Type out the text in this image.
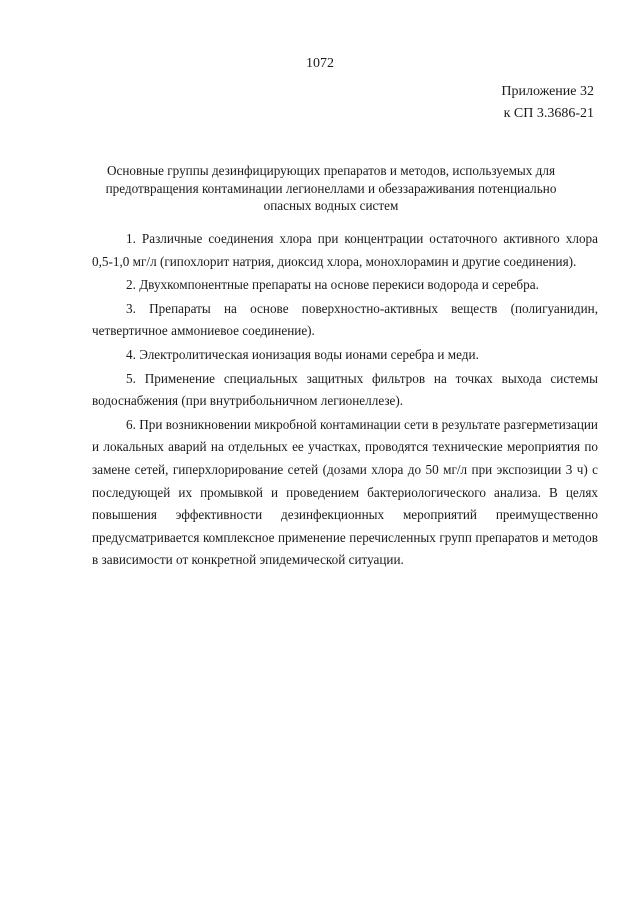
1072
Приложение 32
к СП 3.3686-21
Основные группы дезинфицирующих препаратов и методов, используемых для предотвращения контаминации легионеллами и обеззараживания потенциально опасных водных систем

1. Различные соединения хлора при концентрации остаточного активного хлора 0,5-1,0 мг/л (гипохлорит натрия, диоксид хлора, монохлорамин и другие соединения).

2. Двухкомпонентные препараты на основе перекиси водорода и серебра.

3. Препараты на основе поверхностно-активных веществ (полигуанидин, четвертичное аммониевое соединение).

4. Электролитическая ионизация воды ионами серебра и меди.

5. Применение специальных защитных фильтров на точках выхода системы водоснабжения (при внутрибольничном легионеллезе).

6. При возникновении микробной контаминации сети в результате разгерметизации и локальных аварий на отдельных ее участках, проводятся технические мероприятия по замене сетей, гиперхлорирование сетей (дозами хлора до 50 мг/л при экспозиции 3 ч) с последующей их промывкой и проведением бактериологического анализа. В целях повышения эффективности дезинфекционных мероприятий преимущественно предусматривается комплексное применение перечисленных групп препаратов и методов в зависимости от конкретной эпидемической ситуации.
